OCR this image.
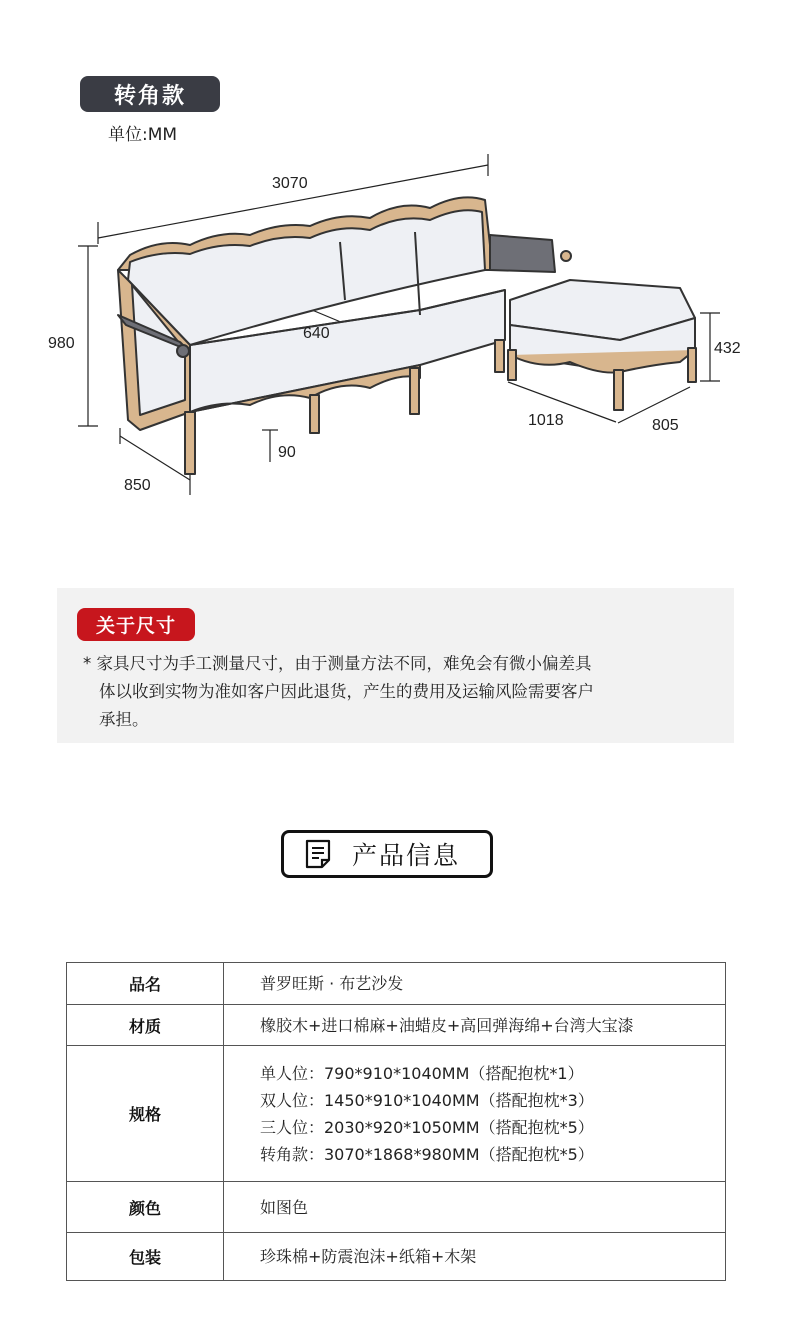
转角款
单位:MM
3070
980
640
850
90
432
1018	805
关于尺寸
* 家具尺寸为手工测量尺寸，由于测量方法不同，难免会有微小偏差具
体以收到实物为准如客户因此退货，产生的费用及运输风险需要客户
承担。
产品信息
品名	普罗旺斯 · 布艺沙发

材质	橡胶木+进口棉麻+油蜡皮+高回弹海绵+台湾大宝漆

规格	单人位：790*910*1040MM（搭配抱枕*1）
双人位：1450*910*1040MM（搭配抱枕*3）
三人位：2030*920*1050MM（搭配抱枕*5）
转角款：3070*1868*980MM（搭配抱枕*5）

颜色	如图色

包装	珍珠棉+防震泡沫+纸箱+木架
